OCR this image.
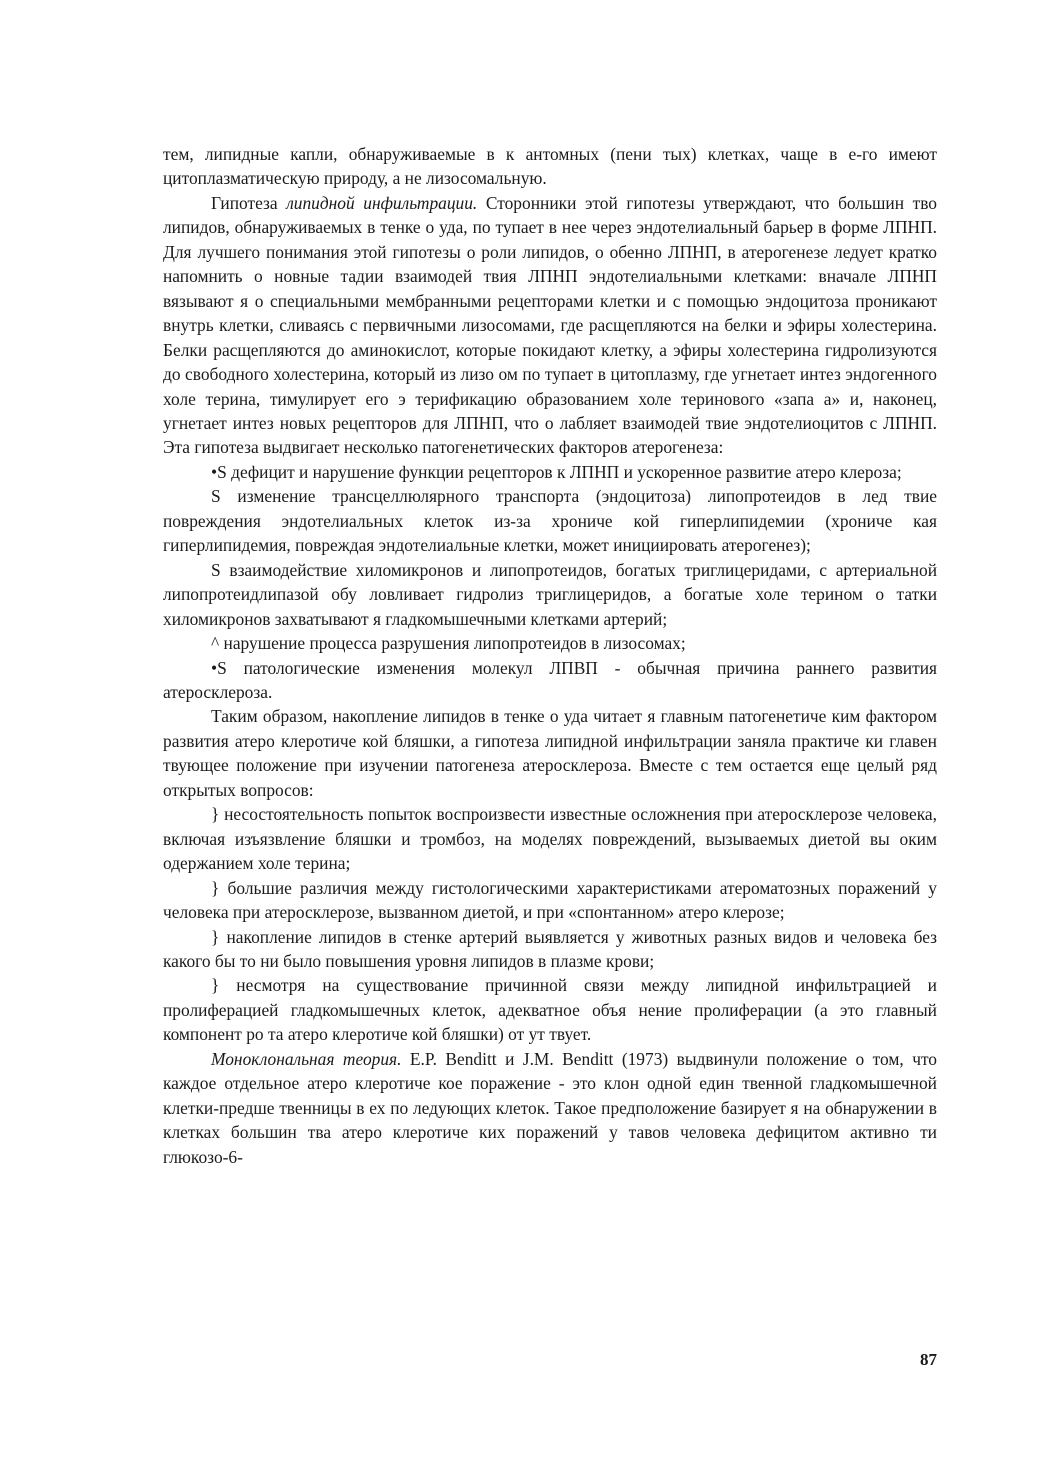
тем, липидные капли, обнаруживаемые в к антомных (пени тых) клетках, чаще в е-го имеют цитоплазматическую природу, а не лизосомальную.

Гипотеза липидной инфильтрации. Сторонники этой гипотезы утверждают, что большин тво липидов, обнаруживаемых в тенке о уда, по тупает в нее через эндотелиальный барьер в форме ЛПНП. Для лучшего понимания этой гипотезы о роли липидов, о обенно ЛПНП, в атерогенезе ледует кратко напомнить о новные тадии взаимодей твия ЛПНП эндотелиальными клетками: вначале ЛПНП вязывают я о специальными мембранными рецепторами клетки и с помощью эндоцитоза проникают внутрь клетки, сливаясь с первичными лизосомами, где расщепляются на белки и эфиры холестерина. Белки расщепляются до аминокислот, которые покидают клетку, а эфиры холестерина гидролизуются до свободного холестерина, который из лизо ом по тупает в цитоплазму, где угнетает интез эндогенного холе терина, тимулирует его э терификацию образованием холе теринового «запа а» и, наконец, угнетает интез новых рецепторов для ЛПНП, что о лабляет взаимодей твие эндотелиоцитов с ЛПНП. Эта гипотеза выдвигает несколько патогенетических факторов атерогенеза:

•S дефицит и нарушение функции рецепторов к ЛПНП и ускоренное развитие атеро клероза;

S изменение трансцеллюлярного транспорта (эндоцитоза) липопротеидов в лед твие повреждения эндотелиальных клеток из-за хрониче кой гиперлипидемии (хрониче кая гиперлипидемия, повреждая эндотелиальные клетки, может инициировать атерогенез);

S взаимодействие хиломикронов и липопротеидов, богатых триглицеридами, с артериальной липопротеидлипазой обу ловливает гидролиз триглицеридов, а богатые холе терином о татки хиломикронов захватывают я гладкомышечными клетками артерий;

^ нарушение процесса разрушения липопротеидов в лизосомах;

•S патологические изменения молекул ЛПВП - обычная причина раннего развития атеросклероза.

Таким образом, накопление липидов в тенке о уда читает я главным патогенетиче ким фактором развития атеро клеротиче кой бляшки, а гипотеза липидной инфильтрации заняла практиче ки главен твующее положение при изучении патогенеза атеросклероза. Вместе с тем остается еще целый ряд открытых вопросов:

} несостоятельность попыток воспроизвести известные осложнения при атеросклерозе человека, включая изъязвление бляшки и тромбоз, на моделях повреждений, вызываемых диетой вы оким одержанием холе терина;

} большие различия между гистологическими характеристиками атероматозных поражений у человека при атеросклерозе, вызванном диетой, и при «спонтанном» атеро клерозе;

} накопление липидов в стенке артерий выявляется у животных разных видов и человека без какого бы то ни было повышения уровня липидов в плазме крови;

} несмотря на существование причинной связи между липидной инфильтрацией и пролиферацией гладкомышечных клеток, адекватное объя нение пролиферации (а это главный компонент ро та атеро клеротиче кой бляшки) от ут твует.

Моноклональная теория. E.P. Benditt и J.M. Benditt (1973) выдвинули положение о том, что каждое отдельное атеро клеротиче кое поражение - это клон одной един твенной гладкомышечной клетки-предше твенницы в ех по ледующих клеток. Такое предположение базирует я на обнаружении в клетках большин тва атеро клеротиче ких поражений у тавов человека дефицитом активно ти глюкозо-6-

87
